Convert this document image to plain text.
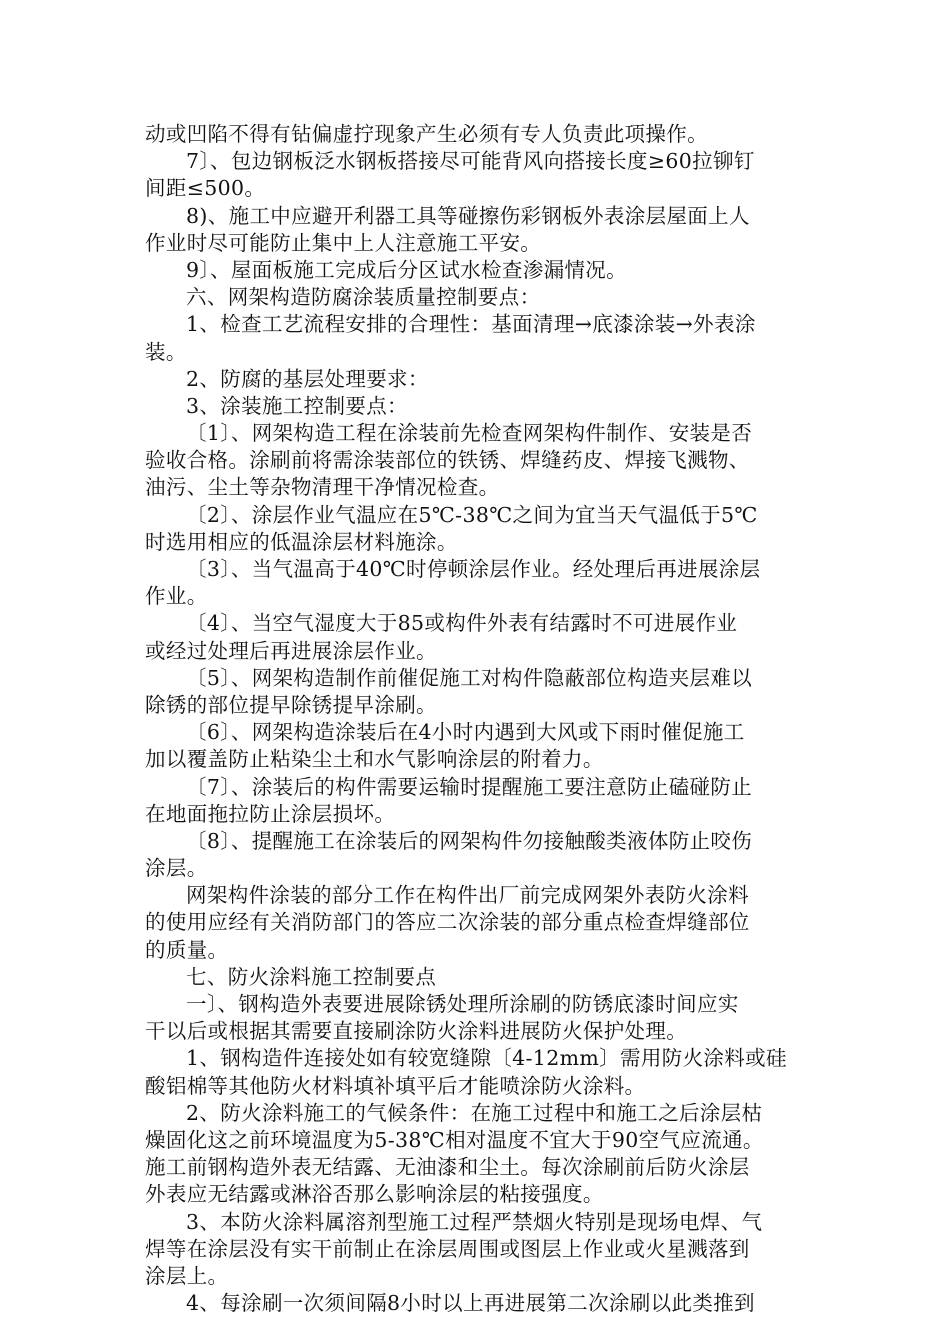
动或凹陷不得有钻偏虚拧现象产生必须有专人负责此项操作。
7〕、包边钢板泛水钢板搭接尽可能背风向搭接长度≥60拉铆钉
间距≤500。
8)、施工中应避开利器工具等碰擦伤彩钢板外表涂层屋面上人
作业时尽可能防止集中上人注意施工平安。
9〕、屋面板施工完成后分区试水检查渗漏情况。
六、网架构造防腐涂装质量控制要点：
1、检查工艺流程安排的合理性：基面清理→底漆涂装→外表涂
装。
2、防腐的基层处理要求：
3、涂装施工控制要点：
〔1〕、网架构造工程在涂装前先检查网架构件制作、安装是否
验收合格。涂刷前将需涂装部位的铁锈、焊缝药皮、焊接飞溅物、
油污、尘土等杂物清理干净情况检查。
〔2〕、涂层作业气温应在5℃-38℃之间为宜当天气温低于5℃
时选用相应的低温涂层材料施涂。
〔3〕、当气温高于40℃时停顿涂层作业。经处理后再进展涂层
作业。
〔4〕、当空气湿度大于85或构件外表有结露时不可进展作业
或经过处理后再进展涂层作业。
〔5〕、网架构造制作前催促施工对构件隐蔽部位构造夹层难以
除锈的部位提早除锈提早涂刷。
〔6〕、网架构造涂装后在4小时内遇到大风或下雨时催促施工
加以覆盖防止粘染尘土和水气影响涂层的附着力。
〔7〕、涂装后的构件需要运输时提醒施工要注意防止磕碰防止
在地面拖拉防止涂层损坏。
〔8〕、提醒施工在涂装后的网架构件勿接触酸类液体防止咬伤
涂层。
网架构件涂装的部分工作在构件出厂前完成网架外表防火涂料
的使用应经有关消防部门的答应二次涂装的部分重点检查焊缝部位
的质量。
七、防火涂料施工控制要点
一〕、钢构造外表要进展除锈处理所涂刷的防锈底漆时间应实
干以后或根据其需要直接刷涂防火涂料进展防火保护处理。
1、钢构造件连接处如有较宽缝隙〔4-12mm〕需用防火涂料或硅
酸铝棉等其他防火材料填补填平后才能喷涂防火涂料。
2、防火涂料施工的气候条件：在施工过程中和施工之后涂层枯
燥固化这之前环境温度为5-38℃相对温度不宜大于90空气应流通。
施工前钢构造外表无结露、无油漆和尘土。每次涂刷前后防火涂层
外表应无结露或淋浴否那么影响涂层的粘接强度。
3、本防火涂料属溶剂型施工过程严禁烟火特别是现场电焊、气
焊等在涂层没有实干前制止在涂层周围或图层上作业或火星溅落到
涂层上。
4、每涂刷一次须间隔8小时以上再进展第二次涂刷以此类推到
